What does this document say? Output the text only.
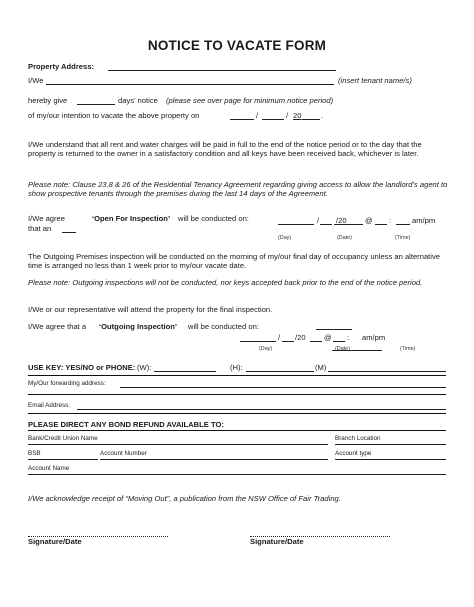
NOTICE TO VACATE FORM
Property Address:
I/We	(insert tenant name/s)
hereby give	days’ notice (please see over page for minimum notice period)
of my/our intention to vacate the above property on	/	/ 20	.
I/We understand that all rent and water charges will be paid in full to the end of the notice period or to the day that the property is returned to the owner in a satisfactory condition and all keys have been received back, whichever is later.
Please note: Clause 23.8 & 26 of the Residential Tenancy Agreement regarding giving access to allow the landlord’s agent to show prospective tenants through the premises during the last 14 days of the Agreement.
I/We agree
that an
‘Open For Inspection’ will be conducted on:	/ /20 @ :	am/pm
(Day)	(Date)	(Time)
The Outgoing Premises inspection will be conducted on the morning of my/our final day of occupancy unless an alternative time is arranged no less than 1 week prior to my/our vacate date.
Please note: Outgoing inspections will not be conducted, nor keys accepted back prior to the end of the notice period.
I/We or our representative will attend the property for the final inspection.
I/We agree that a ‘Outgoing Inspection’ will be conducted on:
/ /20 @ : am/pm
(Day)	(Date)	(Time)
USE KEY: YES/NO or PHONE: (W):	(H):	(M)
My/Our forwarding address:
Email Address:
PLEASE DIRECT ANY BOND REFUND AVAILABLE TO:
Bank/Credit Union Name	Branch Location
BSB	Account Number	Account type
Account Name
I/We acknowledge receipt of “Moving Out”, a publication from the NSW Office of Fair Trading.
Signature/Date	Signature/Date
